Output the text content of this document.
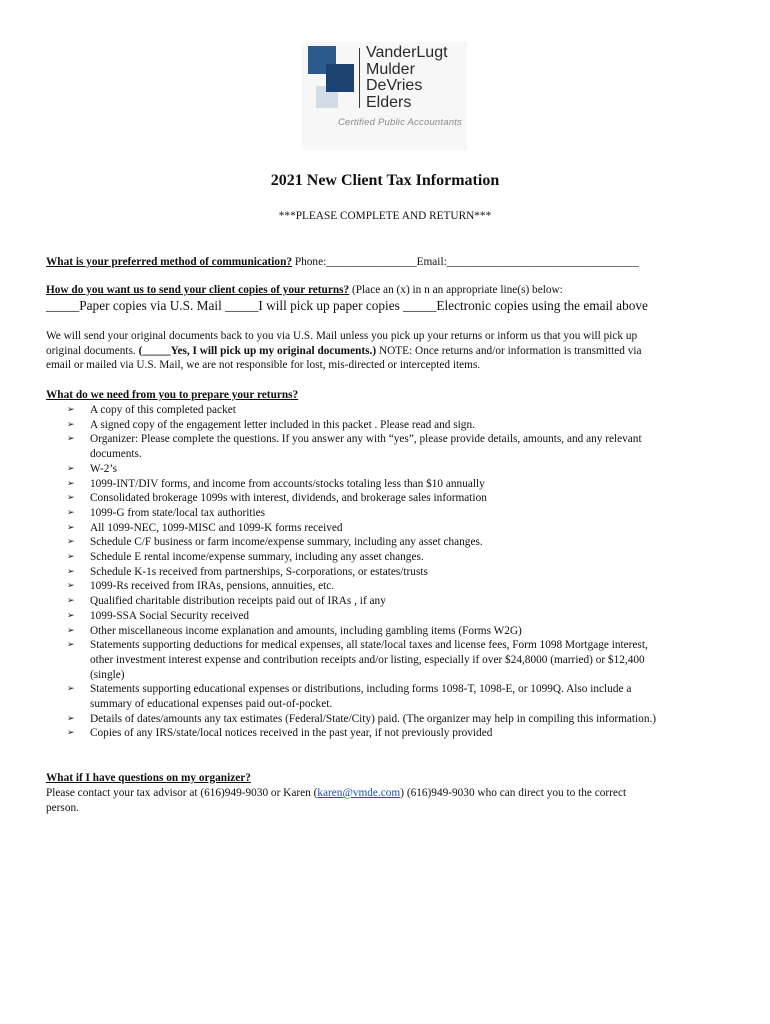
VanderLugt
Mulder
DeVries
Elders
Certified Public Accountants
2021 New Client Tax Information
***PLEASE COMPLETE AND RETURN***
What is your preferred method of communication? Phone:________________Email:__________________________________
How do you want us to send your client copies of your returns? (Place an (x) in n an appropriate line(s) below:
_____Paper copies via U.S. Mail _____I will pick up paper copies _____Electronic copies using the email above
We will send your original documents back to you via U.S. Mail unless you pick up your returns or inform us that you will pick up
original documents. (_____Yes, I will pick up my original documents.) NOTE: Once returns and/or information is transmitted via
email or mailed via U.S. Mail, we are not responsible for lost, mis-directed or intercepted items.
What do we need from you to prepare your returns?
➢ A copy of this completed packet
➢ A signed copy of the engagement letter included in this packet . Please read and sign.
➢ Organizer: Please complete the questions. If you answer any with “yes”, please provide details, amounts, and any relevant
documents.
➢ W-2’s
➢ 1099-INT/DIV forms, and income from accounts/stocks totaling less than $10 annually
➢ Consolidated brokerage 1099s with interest, dividends, and brokerage sales information
➢ 1099-G from state/local tax authorities
➢ All 1099-NEC, 1099-MISC and 1099-K forms received
➢ Schedule C/F business or farm income/expense summary, including any asset changes.
➢ Schedule E rental income/expense summary, including any asset changes.
➢ Schedule K-1s received from partnerships, S-corporations, or estates/trusts
➢ 1099-Rs received from IRAs, pensions, annuities, etc.
➢ Qualified charitable distribution receipts paid out of IRAs , if any
➢ 1099-SSA Social Security received
➢ Other miscellaneous income explanation and amounts, including gambling items (Forms W2G)
➢ Statements supporting deductions for medical expenses, all state/local taxes and license fees, Form 1098 Mortgage interest,
other investment interest expense and contribution receipts and/or listing, especially if over $24,8000 (married) or $12,400
(single)
➢ Statements supporting educational expenses or distributions, including forms 1098-T, 1098-E, or 1099Q. Also include a
summary of educational expenses paid out-of-pocket.
➢ Details of dates/amounts any tax estimates (Federal/State/City) paid. (The organizer may help in compiling this information.)
➢ Copies of any IRS/state/local notices received in the past year, if not previously provided
What if I have questions on my organizer?
Please contact your tax advisor at (616)949-9030 or Karen (karen@vmde.com) (616)949-9030 who can direct you to the correct
person.
